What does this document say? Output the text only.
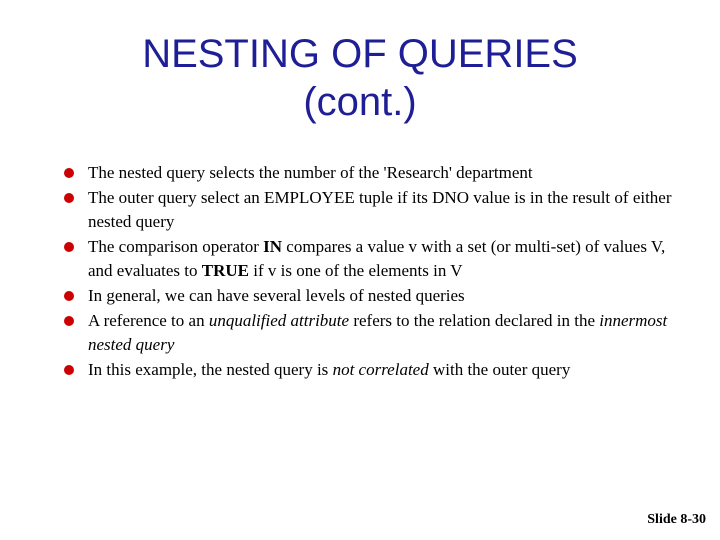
NESTING OF QUERIES
(cont.)
The nested query selects the number of the 'Research' department
The outer query select an EMPLOYEE tuple if its DNO value is in the result of either nested query
The comparison operator IN compares a value v with a set (or multi-set) of values V, and evaluates to TRUE if v is one of the elements in V
In general, we can have several levels of nested queries
A reference to an unqualified attribute refers to the relation declared in the innermost nested query
In this example, the nested query is not correlated with the outer query
Slide 8-30
